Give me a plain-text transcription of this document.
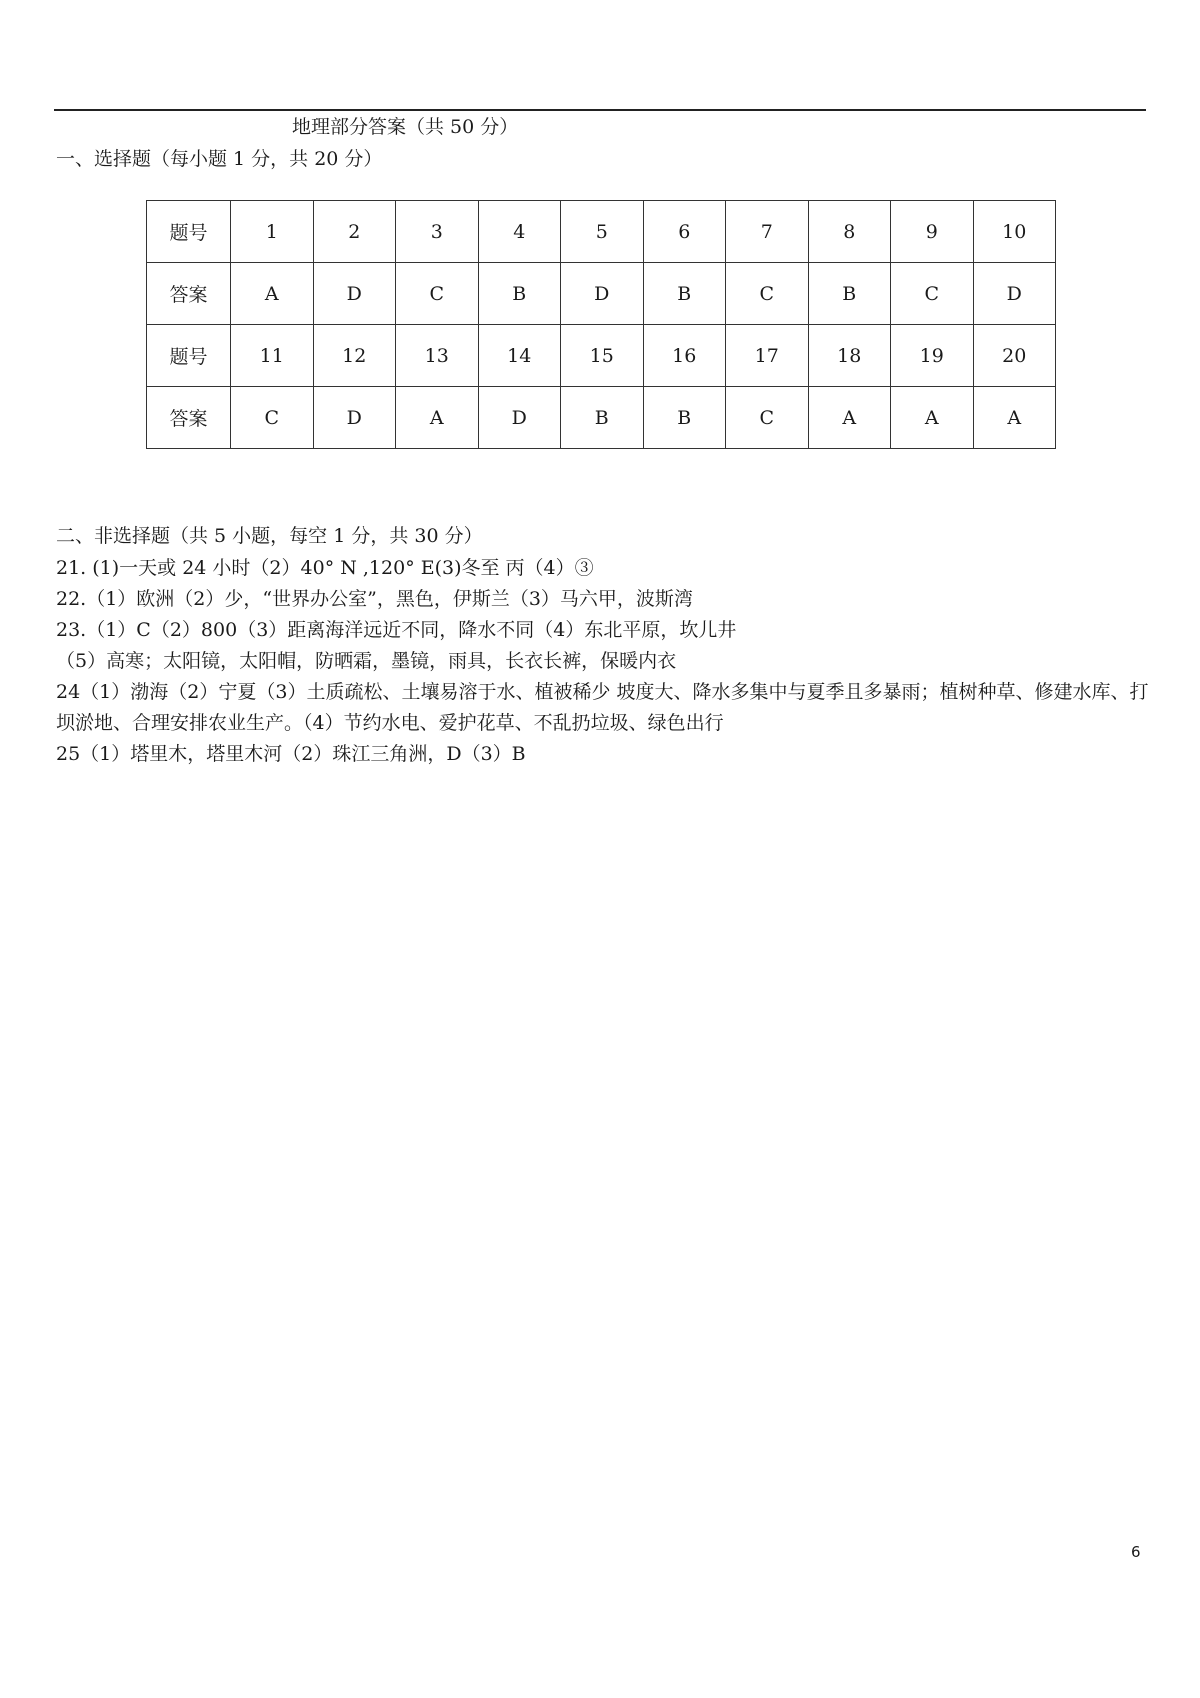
地理部分答案（共 50 分）
一、选择题（每小题 1 分，共 20 分）
题号	1	2	3	4	5	6	7	8	9	10
答案	A	D	C	B	D	B	C	B	C	D
题号	11	12	13	14	15	16	17	18	19	20
答案	C	D	A	D	B	B	C	A	A	A
二、非选择题（共 5 小题，每空 1 分，共 30 分）
21. (1)一天或 24 小时（2）40° N ,120° E(3)冬至 丙（4）③
22.（1）欧洲（2）少，“世界办公室”，黑色，伊斯兰（3）马六甲，波斯湾
23.（1）C（2）800（3）距离海洋远近不同，降水不同（4）东北平原，坎儿井
（5）高寒；太阳镜，太阳帽，防晒霜，墨镜，雨具，长衣长裤，保暖内衣
24（1）渤海（2）宁夏（3）土质疏松、土壤易溶于水、植被稀少 坡度大、降水多集中与夏季且多暴雨；植树种草、修建水库、打坝淤地、合理安排农业生产。（4）节约水电、爱护花草、不乱扔垃圾、绿色出行
25（1）塔里木，塔里木河（2）珠江三角洲，D（3）B
6
